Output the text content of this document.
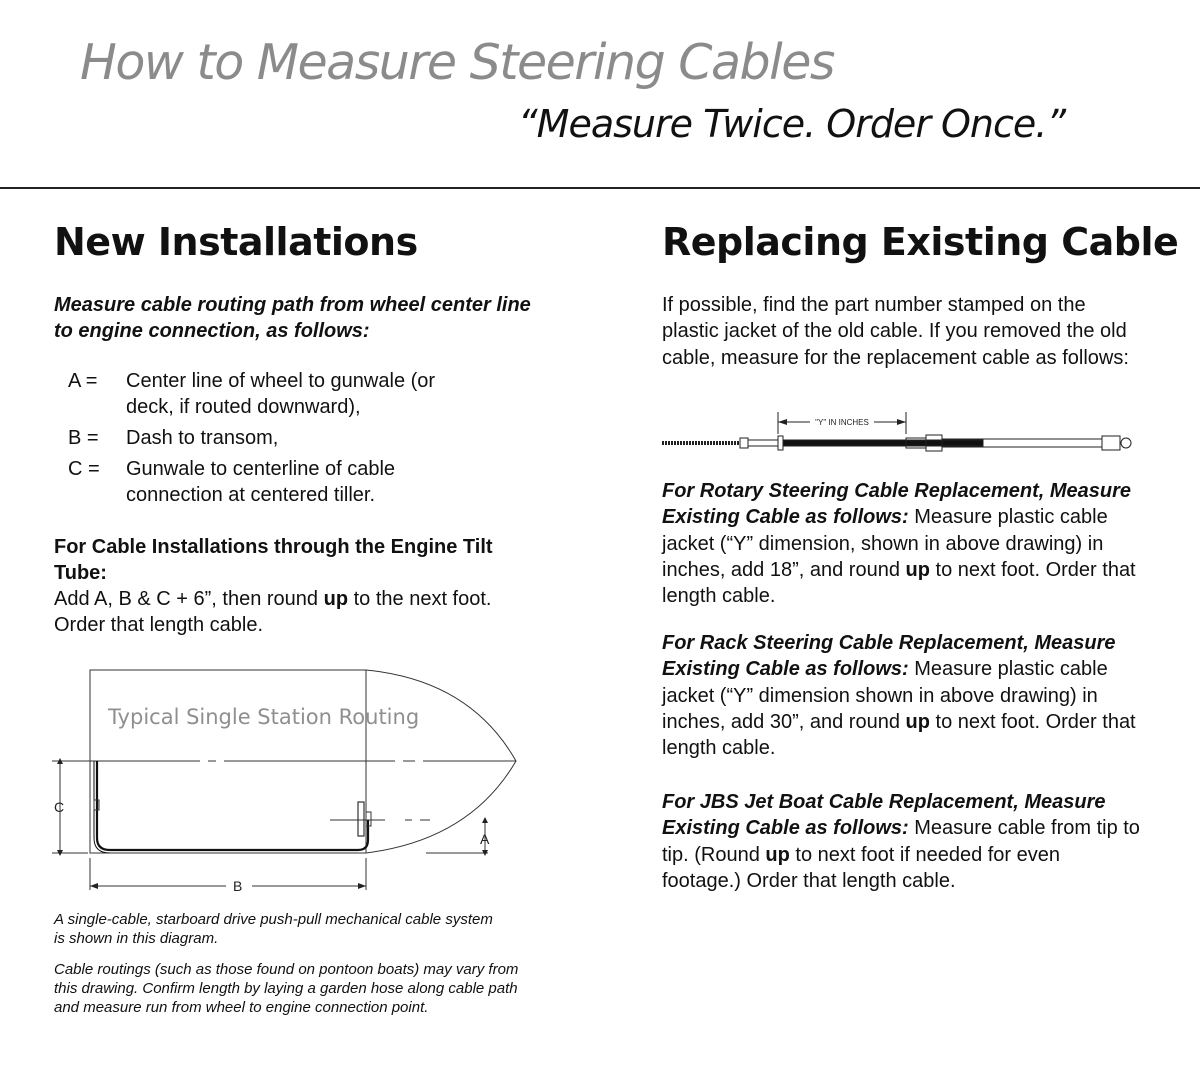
How to Measure Steering Cables
“Measure Twice. Order Once.”
New Installations
Measure cable routing path from wheel center line to engine connection, as follows:
A = Center line of wheel to gunwale (or deck, if routed downward),
B = Dash to transom,
C = Gunwale to centerline of cable connection at centered tiller.
For Cable Installations through the Engine Tilt Tube:
Add A, B & C + 6”, then round up to the next foot. Order that length cable.
Typical Single Station Routing
C
A
B
A single-cable, starboard drive push-pull mechanical cable system is shown in this diagram.
Cable routings (such as those found on pontoon boats) may vary from this drawing. Confirm length by laying a garden hose along cable path and measure run from wheel to engine connection point.
Replacing Existing Cable
If possible, find the part number stamped on the plastic jacket of the old cable. If you removed the old cable, measure for the replacement cable as follows:
"Y" IN INCHES
For Rotary Steering Cable Replacement, Measure Existing Cable as follows: Measure plastic cable jacket (“Y” dimension, shown in above drawing) in inches, add 18”, and round up to next foot. Order that length cable.
For Rack Steering Cable Replacement, Measure Existing Cable as follows: Measure plastic cable jacket (“Y” dimension shown in above drawing) in inches, add 30”, and round up to next foot. Order that length cable.
For JBS Jet Boat Cable Replacement, Measure Existing Cable as follows: Measure cable from tip to tip. (Round up to next foot if needed for even footage.) Order that length cable.
